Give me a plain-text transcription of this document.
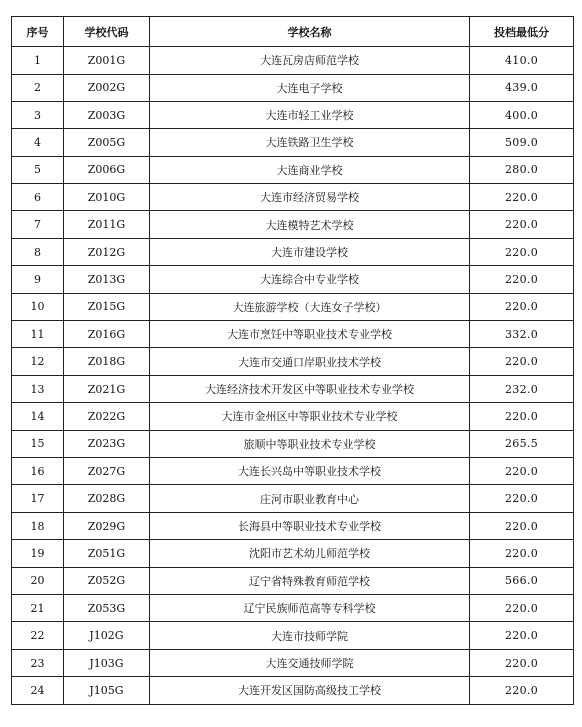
序号	学校代码	学校名称	投档最低分
1	Z001G	大连瓦房店师范学校	410.0
2	Z002G	大连电子学校	439.0
3	Z003G	大连市轻工业学校	400.0
4	Z005G	大连铁路卫生学校	509.0
5	Z006G	大连商业学校	280.0
6	Z010G	大连市经济贸易学校	220.0
7	Z011G	大连模特艺术学校	220.0
8	Z012G	大连市建设学校	220.0
9	Z013G	大连综合中专业学校	220.0
10	Z015G	大连旅游学校（大连女子学校）	220.0
11	Z016G	大连市烹饪中等职业技术专业学校	332.0
12	Z018G	大连市交通口岸职业技术学校	220.0
13	Z021G	大连经济技术开发区中等职业技术专业学校	232.0
14	Z022G	大连市金州区中等职业技术专业学校	220.0
15	Z023G	旅顺中等职业技术专业学校	265.5
16	Z027G	大连长兴岛中等职业技术学校	220.0
17	Z028G	庄河市职业教育中心	220.0
18	Z029G	长海县中等职业技术专业学校	220.0
19	Z051G	沈阳市艺术幼儿师范学校	220.0
20	Z052G	辽宁省特殊教育师范学校	566.0
21	Z053G	辽宁民族师范高等专科学校	220.0
22	J102G	大连市技师学院	220.0
23	J103G	大连交通技师学院	220.0
24	J105G	大连开发区国防高级技工学校	220.0
